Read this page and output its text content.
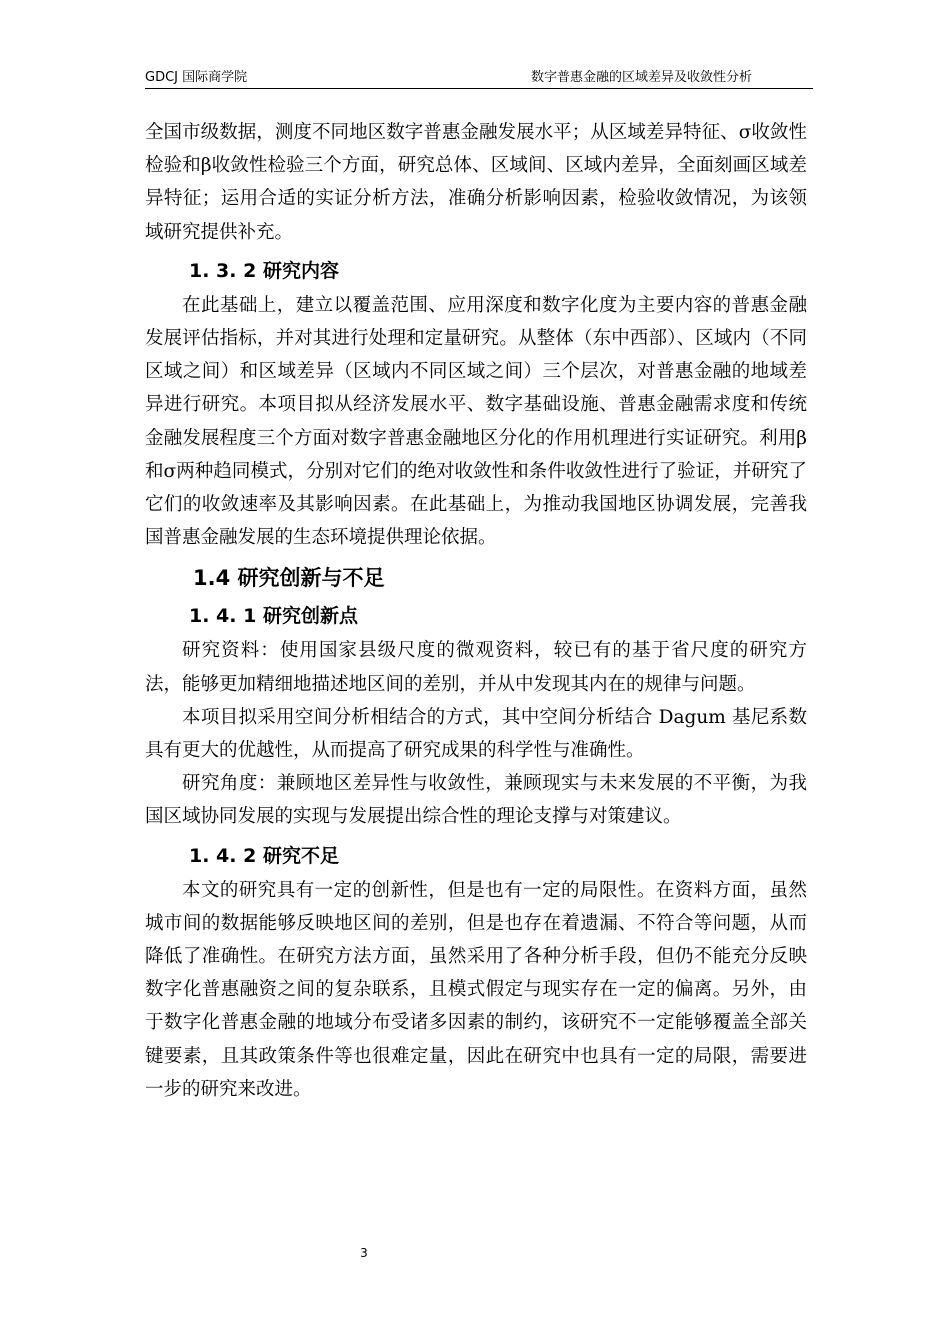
GDCJ 国际商学院	数字普惠金融的区域差异及收敛性分析

全国市级数据，测度不同地区数字普惠金融发展水平；从区域差异特征、σ收敛性检验和β收敛性检验三个方面，研究总体、区域间、区域内差异，全面刻画区域差异特征；运用合适的实证分析方法，准确分析影响因素，检验收敛情况，为该领域研究提供补充。

1. 3. 2 研究内容

在此基础上，建立以覆盖范围、应用深度和数字化度为主要内容的普惠金融发展评估指标，并对其进行处理和定量研究。从整体（东中西部）、区域内（不同区域之间）和区域差异（区域内不同区域之间）三个层次，对普惠金融的地域差异进行研究。本项目拟从经济发展水平、数字基础设施、普惠金融需求度和传统金融发展程度三个方面对数字普惠金融地区分化的作用机理进行实证研究。利用β和σ两种趋同模式，分别对它们的绝对收敛性和条件收敛性进行了验证，并研究了它们的收敛速率及其影响因素。在此基础上，为推动我国地区协调发展，完善我国普惠金融发展的生态环境提供理论依据。

1.4 研究创新与不足
1. 4. 1 研究创新点

研究资料：使用国家县级尺度的微观资料，较已有的基于省尺度的研究方法，能够更加精细地描述地区间的差别，并从中发现其内在的规律与问题。

本项目拟采用空间分析相结合的方式，其中空间分析结合 Dagum 基尼系数具有更大的优越性，从而提高了研究成果的科学性与准确性。

研究角度：兼顾地区差异性与收敛性，兼顾现实与未来发展的不平衡，为我国区域协同发展的实现与发展提出综合性的理论支撑与对策建议。

1. 4. 2 研究不足

本文的研究具有一定的创新性，但是也有一定的局限性。在资料方面，虽然城市间的数据能够反映地区间的差别，但是也存在着遗漏、不符合等问题，从而降低了准确性。在研究方法方面，虽然采用了各种分析手段，但仍不能充分反映数字化普惠融资之间的复杂联系，且模式假定与现实存在一定的偏离。另外，由于数字化普惠金融的地域分布受诸多因素的制约，该研究不一定能够覆盖全部关键要素，且其政策条件等也很难定量，因此在研究中也具有一定的局限，需要进一步的研究来改进。

3
